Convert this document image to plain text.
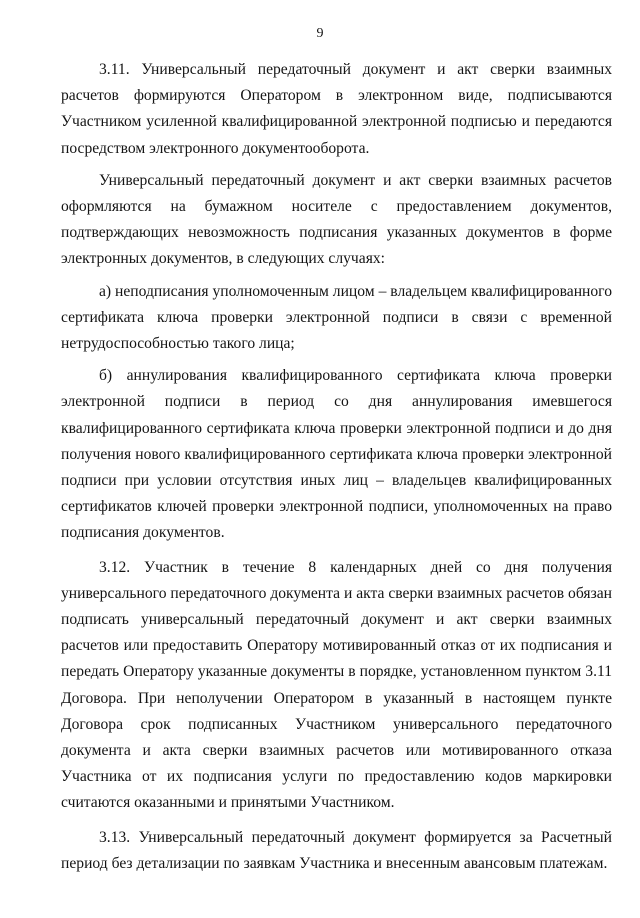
9

3.11. Универсальный передаточный документ и акт сверки взаимных расчетов формируются Оператором в электронном виде, подписываются Участником усиленной квалифицированной электронной подписью и передаются посредством электронного документооборота.

Универсальный передаточный документ и акт сверки взаимных расчетов оформляются на бумажном носителе с предоставлением документов, подтверждающих невозможность подписания указанных документов в форме электронных документов, в следующих случаях:

а) неподписания уполномоченным лицом – владельцем квалифицированного сертификата ключа проверки электронной подписи в связи с временной нетрудоспособностью такого лица;

б) аннулирования квалифицированного сертификата ключа проверки электронной подписи в период со дня аннулирования имевшегося квалифицированного сертификата ключа проверки электронной подписи и до дня получения нового квалифицированного сертификата ключа проверки электронной подписи при условии отсутствия иных лиц – владельцев квалифицированных сертификатов ключей проверки электронной подписи, уполномоченных на право подписания документов.

3.12. Участник в течение 8 календарных дней со дня получения универсального передаточного документа и акта сверки взаимных расчетов обязан подписать универсальный передаточный документ и акт сверки взаимных расчетов или предоставить Оператору мотивированный отказ от их подписания и передать Оператору указанные документы в порядке, установленном пунктом 3.11 Договора. При неполучении Оператором в указанный в настоящем пункте Договора срок подписанных Участником универсального передаточного документа и акта сверки взаимных расчетов или мотивированного отказа Участника от их подписания услуги по предоставлению кодов маркировки считаются оказанными и принятыми Участником.

3.13. Универсальный передаточный документ формируется за Расчетный период без детализации по заявкам Участника и внесенным авансовым платежам.
